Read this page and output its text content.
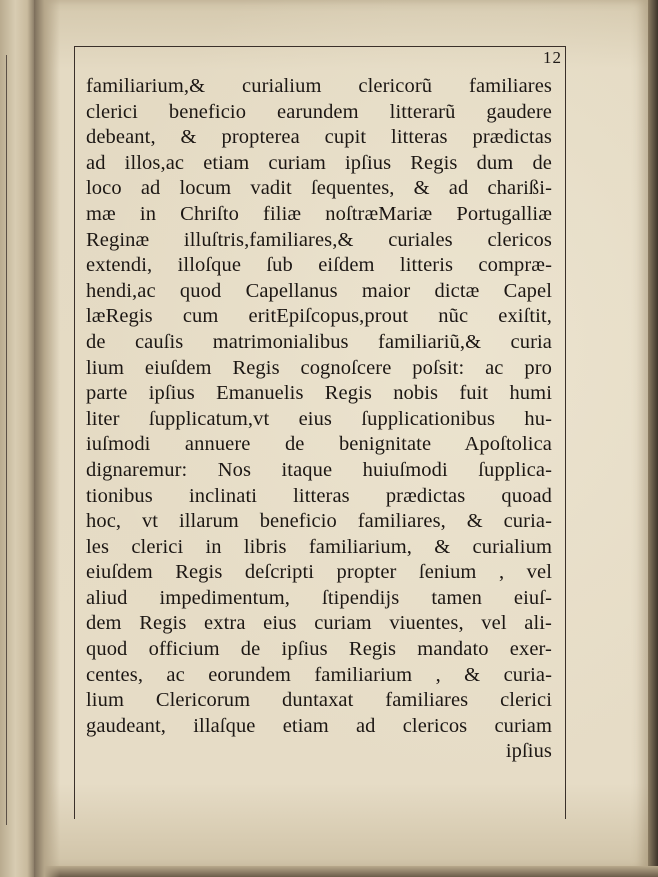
12
familiarium,& curialium clericorũ familiares
clerici beneficio earundem litterarũ gaudere
debeant, & propterea cupit litteras prædictas
ad illos,ac etiam curiam ipſius Regis dum de
loco ad locum vadit ſequentes, & ad charißi-
mæ in Chriſto filiæ noſtræMariæ Portugalliæ
Reginæ illuſtris,familiares,& curiales clericos
extendi, illoſque ſub eiſdem litteris compræ-
hendi,ac quod Capellanus maior dictæ Capel
læRegis cum eritEpiſcopus,prout nũc exiſtit,
de cauſis matrimonialibus familiariũ,& curia
lium eiuſdem Regis cognoſcere poſsit: ac pro
parte ipſius Emanuelis Regis nobis fuit humi
liter ſupplicatum,vt eius ſupplicationibus hu-
iuſmodi annuere de benignitate Apoſtolica
dignaremur: Nos itaque huiuſmodi ſupplica-
tionibus inclinati litteras prædictas quoad
hoc, vt illarum beneficio familiares, & curia-
les clerici in libris familiarium, & curialium
eiuſdem Regis deſcripti propter ſenium , vel
aliud impedimentum, ſtipendijs tamen eiuſ-
dem Regis extra eius curiam viuentes, vel ali-
quod officium de ipſius Regis mandato exer-
centes, ac eorundem familiarium , & curia-
lium Clericorum duntaxat familiares clerici
gaudeant, illaſque etiam ad clericos curiam
ipſius
